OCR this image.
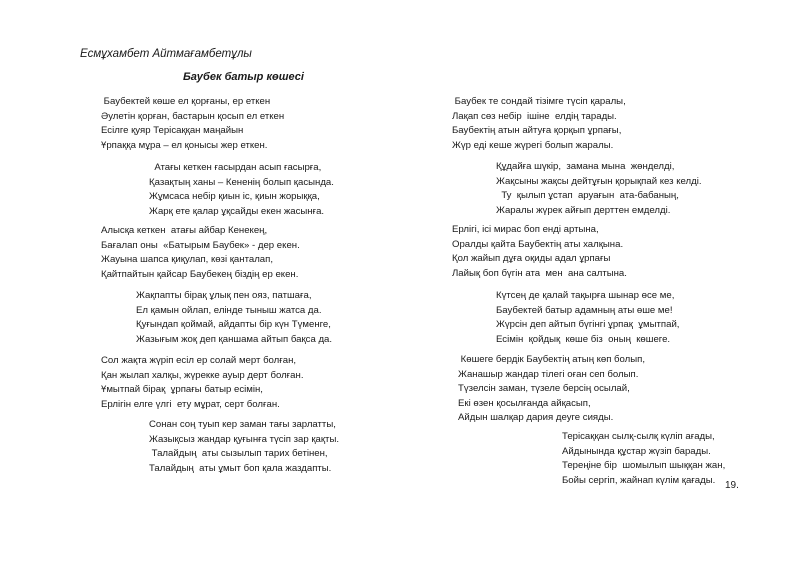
Есмұхамбет Айтмағамбетұлы
Баубек батыр көшесі
Баубектей көше ел қорғаны, ер еткен
Әулетін қорған, бастарын қосып ел еткен
Есілге қуяр Терісаққан маңайын
Ұрпаққа мұра – ел қонысы жер еткен.
Атағы кеткен ғасырдан асып ғасырға,
Қазақтың ханы – Кененің болып қасында.
Жұмсаса небір қиын іс, қиын жорыққа,
Жарқ ете қалар ұқсайды екен жасынға.
Алысқа кеткен  атағы айбар Кенекең,
Бағалап оны  «Батырым Баубек» - дер екен.
Жауына шапса қиқулап, көзі қанталап,
Қайтпайтын қайсар Баубекең біздің ер екен.
Жақпапты бірақ ұлық пен ояз, патшаға,
Ел қамын ойлап, елінде тыныш жатса да.
Қуғындап қоймай, айдапты бір күн Түменге,
Жазығым жоқ деп қаншама айтып бақса да.
Сол жақта жүріп есіл ер солай мерт болған,
Қан жылап халқы, жүрекке ауыр дерт болған.
Ұмытпай бірақ  ұрпағы батыр есімін,
Ерлігін елге үлгі  ету мұрат, серт болған.
Сонан соң туып кер заман тағы зарлатты,
Жазықсыз жандар қуғынға түсіп зар қақты.
Талайдың  аты сызылып тарих бетінен,
Талайдың  аты ұмыт боп қала жаздапты.
Баубек те сондай тізімге түсіп қаралы,
Лақап сөз небір  ішіне  елдің тарады.
Баубектің атын айтуға қорқып ұрпағы,
Жүр еді кеше жүрегі болып жаралы.
Құдайға шүкір,  замана мына  жөнделді,
Жақсыны жақсы дейтұғын қорықпай кез келді.
Ту  қылып ұстап  аруағын  ата-бабаның,
Жаралы жүрек айғып дерттен емделді.
Ерлігі, ісі мирас боп енді артына,
Оралды қайта Баубектің аты халқына.
Қол жайып дұға оқиды адал ұрпағы
Лайық боп бүгін ата  мен  ана салтына.
Күтсең де қалай тақырға шынар өсе ме,
Баубектей батыр адамның аты өше ме!
Жүрсін деп айтып бүгінгі ұрпақ  ұмытпай,
Есімін  қойдық  көше біз  оның  көшеге.
Көшеге бердік Баубектің атың көп болып,
Жанашыр жандар тілегі оған сеп болып.
Түзелсін заман, түзеле берсің осылай,
Екі өзен қосылғанда айқасып,
Айдын шалқар дария деуге сияды.
Терісаққан сылқ-сылқ күліп ағады,
Айдынында құстар жүзіп барады.
Тереңіне бір  шомылып шыққан жан,
Бойы сергіп, жайнап күлім қағады. 19.
